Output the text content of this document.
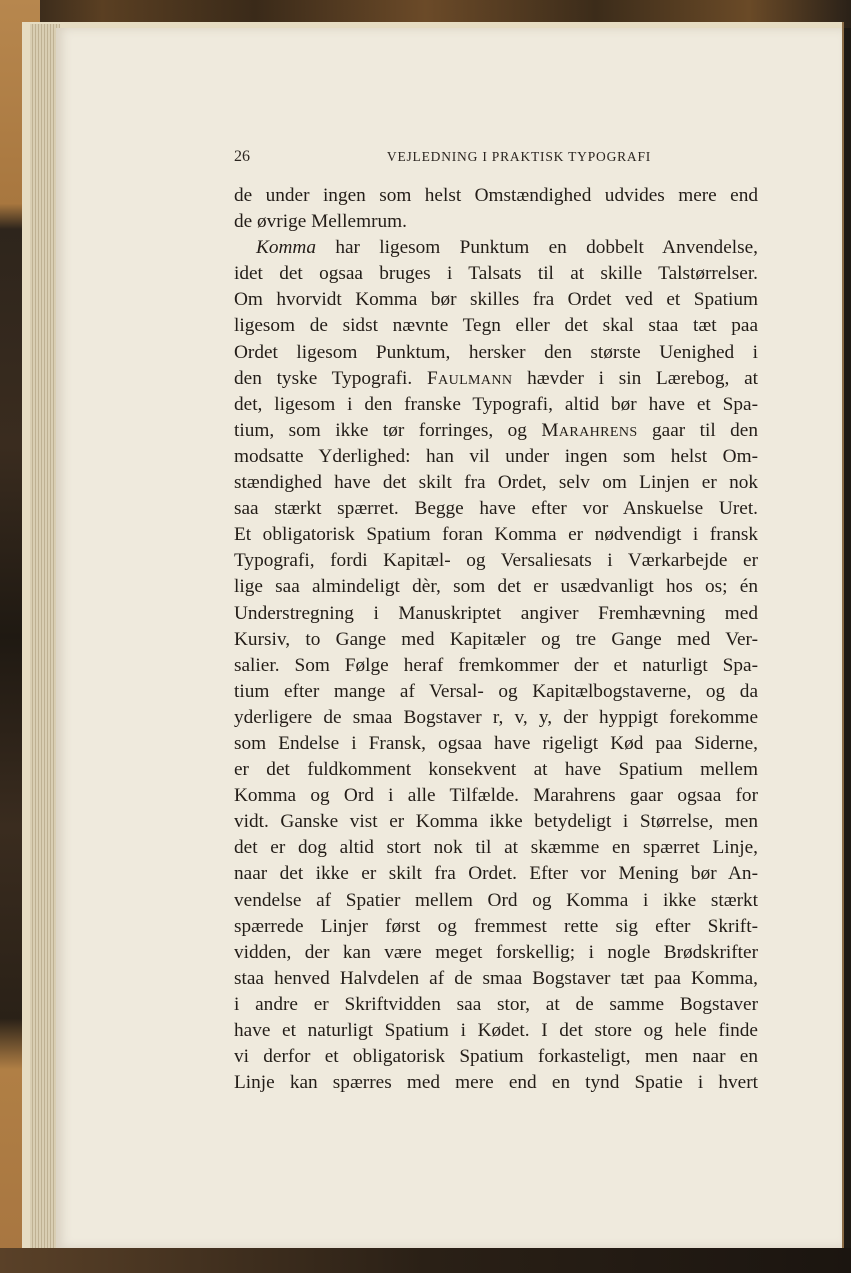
26	VEJLEDNING I PRAKTISK TYPOGRAFI
de under ingen som helst Omstændighed udvides mere end
de øvrige Mellemrum.
Komma har ligesom Punktum en dobbelt Anvendelse,
idet det ogsaa bruges i Talsats til at skille Talstørrelser.
Om hvorvidt Komma bør skilles fra Ordet ved et Spatium
ligesom de sidst nævnte Tegn eller det skal staa tæt paa
Ordet ligesom Punktum, hersker den største Uenighed i
den tyske Typografi. Faulmann hævder i sin Lærebog, at
det, ligesom i den franske Typografi, altid bør have et Spa-
tium, som ikke tør forringes, og Marahrens gaar til den
modsatte Yderlighed: han vil under ingen som helst Om-
stændighed have det skilt fra Ordet, selv om Linjen er nok
saa stærkt spærret. Begge have efter vor Anskuelse Uret.
Et obligatorisk Spatium foran Komma er nødvendigt i fransk
Typografi, fordi Kapitæl- og Versaliesats i Værkarbejde er
lige saa almindeligt dèr, som det er usædvanligt hos os; én
Understregning i Manuskriptet angiver Fremhævning med
Kursiv, to Gange med Kapitæler og tre Gange med Ver-
salier. Som Følge heraf fremkommer der et naturligt Spa-
tium efter mange af Versal- og Kapitælbogstaverne, og da
yderligere de smaa Bogstaver r, v, y, der hyppigt forekomme
som Endelse i Fransk, ogsaa have rigeligt Kød paa Siderne,
er det fuldkomment konsekvent at have Spatium mellem
Komma og Ord i alle Tilfælde. Marahrens gaar ogsaa for
vidt. Ganske vist er Komma ikke betydeligt i Størrelse, men
det er dog altid stort nok til at skæmme en spærret Linje,
naar det ikke er skilt fra Ordet. Efter vor Mening bør An-
vendelse af Spatier mellem Ord og Komma i ikke stærkt
spærrede Linjer først og fremmest rette sig efter Skrift-
vidden, der kan være meget forskellig; i nogle Brødskrifter
staa henved Halvdelen af de smaa Bogstaver tæt paa Komma,
i andre er Skriftvidden saa stor, at de samme Bogstaver
have et naturligt Spatium i Kødet. I det store og hele finde
vi derfor et obligatorisk Spatium forkasteligt, men naar en
Linje kan spærres med mere end en tynd Spatie i hvert
